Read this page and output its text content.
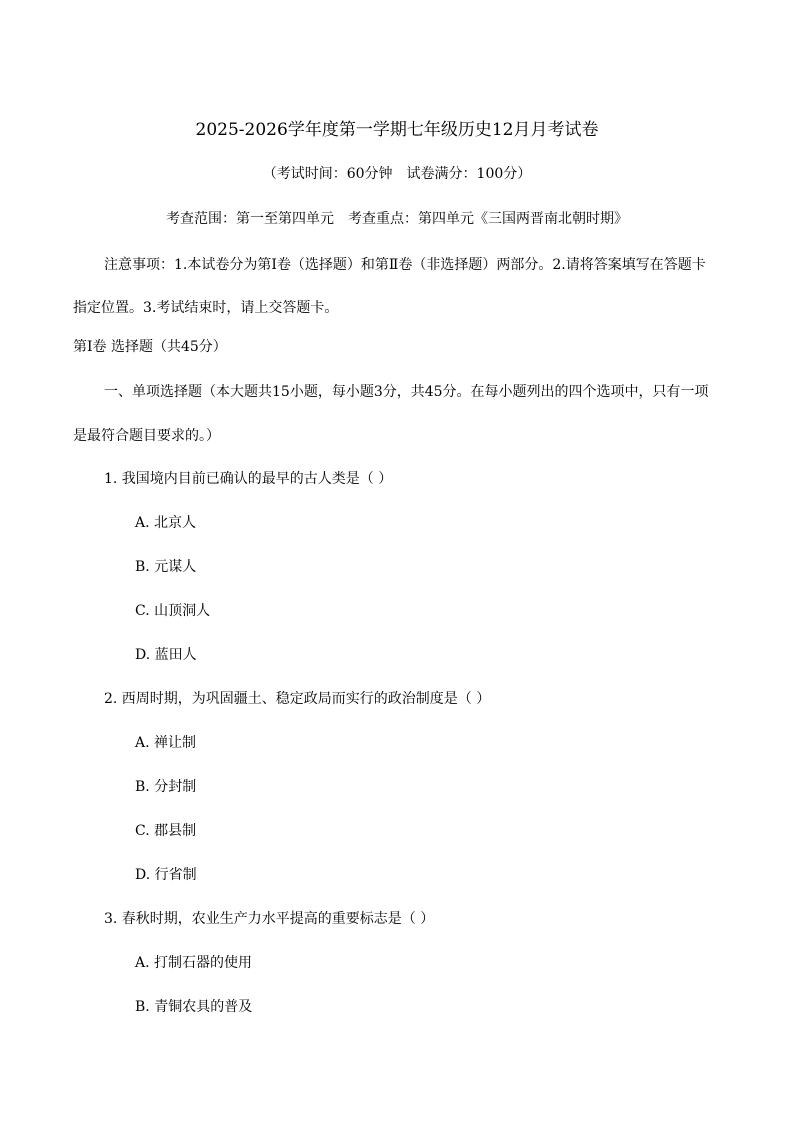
2025-2026学年度第一学期七年级历史12月月考试卷
（考试时间：60分钟　试卷满分：100分）
考查范围：第一至第四单元　考查重点：第四单元《三国两晋南北朝时期》
注意事项：1.本试卷分为第Ⅰ卷（选择题）和第Ⅱ卷（非选择题）两部分。2.请将答案填写在答题卡
指定位置。3.考试结束时，请上交答题卡。
第Ⅰ卷 选择题（共45分）
一、单项选择题（本大题共15小题，每小题3分，共45分。在每小题列出的四个选项中，只有一项
是最符合题目要求的。）
1. 我国境内目前已确认的最早的古人类是（ ）
A. 北京人
B. 元谋人
C. 山顶洞人
D. 蓝田人
2. 西周时期，为巩固疆土、稳定政局而实行的政治制度是（ ）
A. 禅让制
B. 分封制
C. 郡县制
D. 行省制
3. 春秋时期，农业生产力水平提高的重要标志是（ ）
A. 打制石器的使用
B. 青铜农具的普及
